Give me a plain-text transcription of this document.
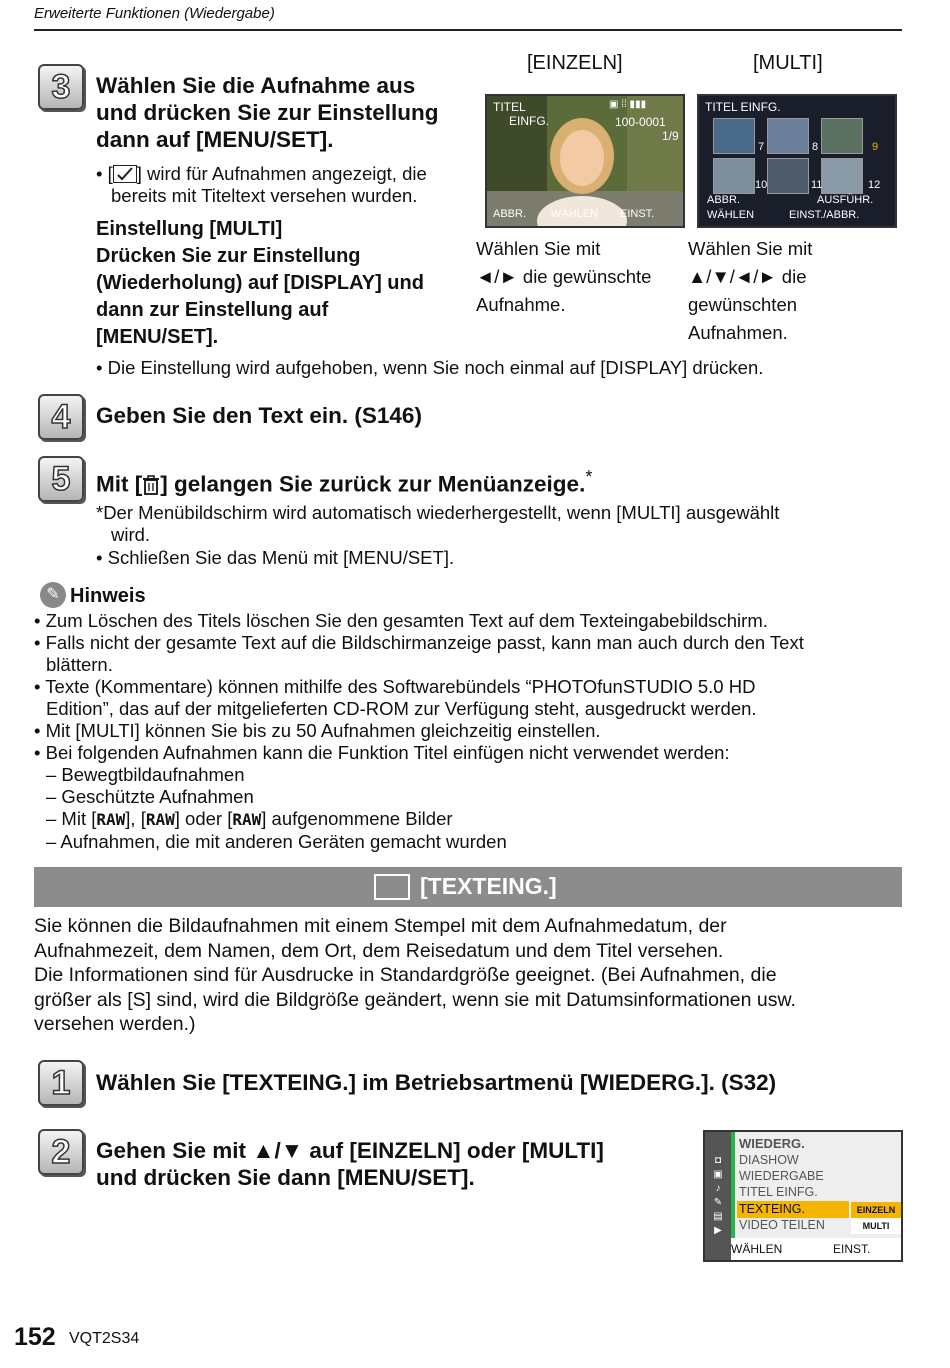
Erweiterte Funktionen (Wiedergabe)
3	Wählen Sie die Aufnahme aus
und drücken Sie zur Einstellung
dann auf [MENU/SET].
• [ ] wird für Aufnahmen angezeigt, die
bereits mit Titeltext versehen wurden.
Einstellung [MULTI]
Drücken Sie zur Einstellung
(Wiederholung) auf [DISPLAY] und
dann zur Einstellung auf
[MENU/SET].
• Die Einstellung wird aufgehoben, wenn Sie noch einmal auf [DISPLAY] drücken.
[EINZELN]
TITEL
EINFG.	100-0001
1/9
▣ ⁞⁞ ▮▮▮
ABBR. WÄHLEN EINST.
Wählen Sie mit
◄/► die gewünschte
Aufnahme.
[MULTI]
TITEL EINFG.
7	8	9
10	11	12
ABBR.	AUSFÜHR.
WÄHLEN	EINST./ABBR.
Wählen Sie mit
▲/▼/◄/► die
gewünschten
Aufnahmen.
4	Geben Sie den Text ein. (S146)
5	Mit [ ] gelangen Sie zurück zur Menüanzeige.*
*Der Menübildschirm wird automatisch wiederhergestellt, wenn [MULTI] ausgewählt
wird.
• Schließen Sie das Menü mit [MENU/SET].
✎ Hinweis
• Zum Löschen des Titels löschen Sie den gesamten Text auf dem Texteingabebildschirm.
• Falls nicht der gesamte Text auf die Bildschirmanzeige passt, kann man auch durch den Text
blättern.
• Texte (Kommentare) können mithilfe des Softwarebündels “PHOTOfunSTUDIO 5.0 HD
Edition”, das auf der mitgelieferten CD-ROM zur Verfügung steht, ausgedruckt werden.
• Mit [MULTI] können Sie bis zu 50 Aufnahmen gleichzeitig einstellen.
• Bei folgenden Aufnahmen kann die Funktion Titel einfügen nicht verwendet werden:
– Bewegtbildaufnahmen
– Geschützte Aufnahmen
– Mit [RAW], [RAW] oder [RAW] aufgenommene Bilder
– Aufnahmen, die mit anderen Geräten gemacht wurden
[TEXTEING.]
Sie können die Bildaufnahmen mit einem Stempel mit dem Aufnahmedatum, der
Aufnahmezeit, dem Namen, dem Ort, dem Reisedatum und dem Titel versehen.
Die Informationen sind für Ausdrucke in Standardgröße geeignet. (Bei Aufnahmen, die
größer als [S] sind, wird die Bildgröße geändert, wenn sie mit Datumsinformationen usw.
versehen werden.)
1	Wählen Sie [TEXTEING.] im Betriebsartmenü [WIEDERG.]. (S32)
2	Gehen Sie mit ▲/▼ auf [EINZELN] oder [MULTI]
und drücken Sie dann [MENU/SET].
◘
▣
♪
✎
▤
▶
WIEDERG.
DIASHOW
WIEDERGABE
TITEL EINFG.
TEXTEING.
VIDEO TEILEN
EINZELN
MULTI
WÄHLEN	EINST.
152 VQT2S34
